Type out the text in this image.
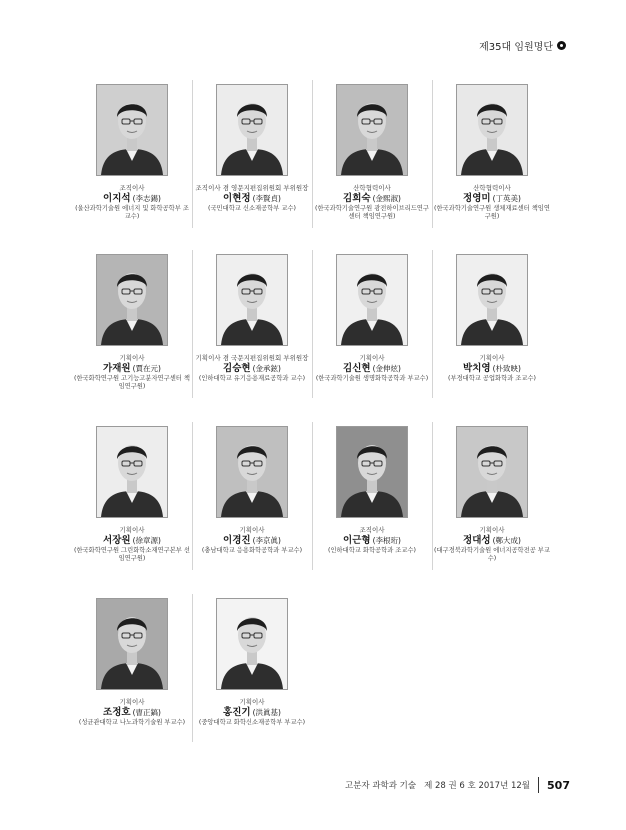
제35대 임원명단
조직이사
이지석 (李志錫)
(울산과학기술원 에너지 및 화학공학부 조교수)
조직이사 겸 영문지편집위원회 부위원장
이현정 (李賢貞)
(국민대학교 신소재공학부 교수)
산학협력이사
김희숙 (金熙淑)
(한국과학기술연구원 광전하이브리드연구센터 책임연구원)
산학협력이사
정영미 (丁英美)
(한국과학기술연구원 생체재료센터 책임연구원)
기획이사
가재원 (賈在元)
(한국화학연구원 고기능고분자연구센터 책임연구원)
기획이사 겸 국문지편집위원회 부위원장
김승현 (金承鉉)
(인하대학교 유기응용재료공학과 교수)
기획이사
김신현 (金伸炫)
(한국과학기술원 생명화학공학과 부교수)
기획이사
박치영 (朴致映)
(부경대학교 공업화학과 조교수)
기획이사
서장원 (徐章源)
(한국화학연구원 그린화학소재연구본부 선임연구원)
기획이사
이경진 (李京眞)
(충남대학교 응용화학공학과 부교수)
조직이사
이근형 (李根珩)
(인하대학교 화학공학과 조교수)
기획이사
정대성 (鄭大成)
(대구경북과학기술원 에너지공학전공 부교수)
기획이사
조정호 (曺正鎬)
(성균관대학교 나노과학기술원 부교수)
기획이사
홍진기 (洪眞基)
(중앙대학교 화학신소재공학부 부교수)
고분자 과학과 기술 제 28 권 6 호 2017년 12월 507
